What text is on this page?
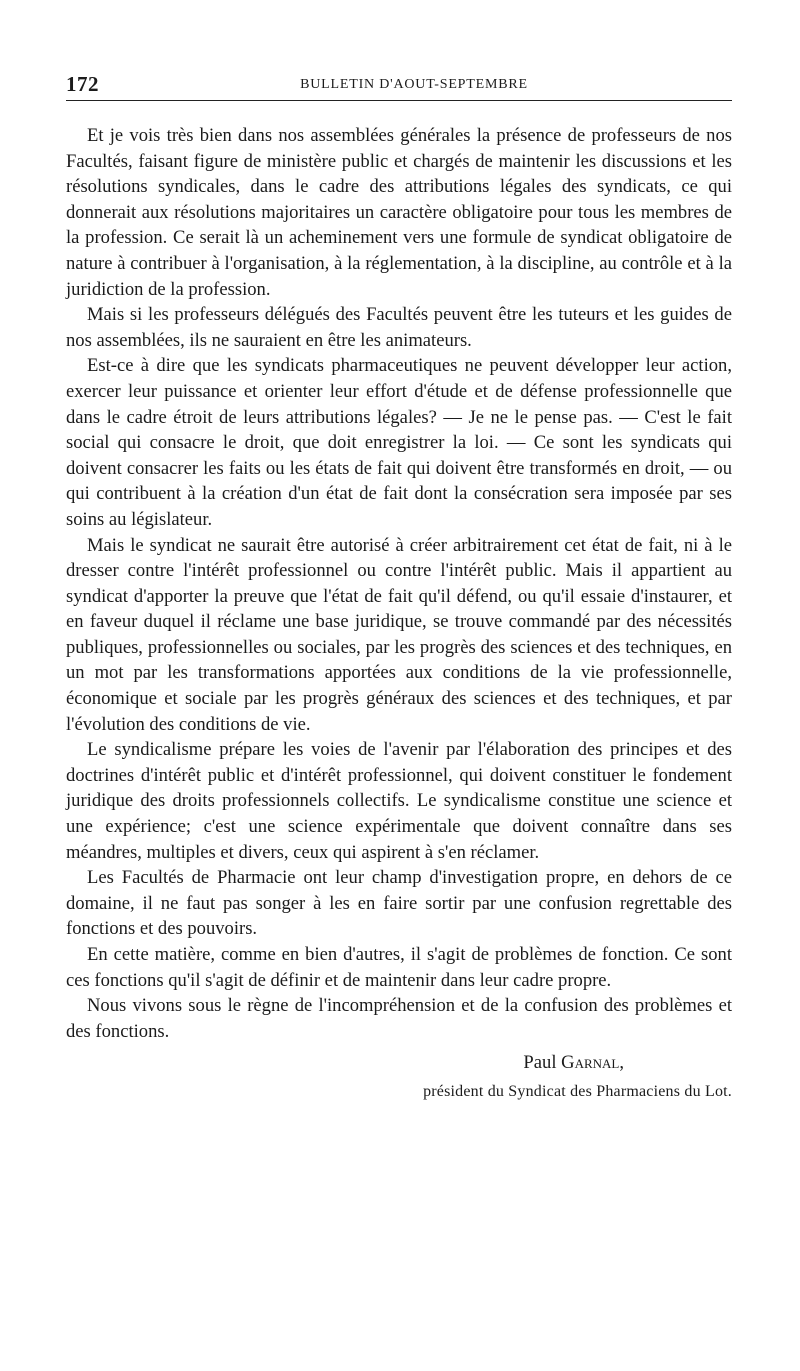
172	BULLETIN D'AOUT-SEPTEMBRE

Et je vois très bien dans nos assemblées générales la présence de professeurs de nos Facultés, faisant figure de ministère public et chargés de maintenir les discussions et les résolutions syndicales, dans le cadre des attributions légales des syndicats, ce qui donnerait aux résolutions majoritaires un caractère obligatoire pour tous les membres de la profession. Ce serait là un acheminement vers une formule de syndicat obligatoire de nature à contribuer à l'organisation, à la réglementation, à la discipline, au contrôle et à la juridiction de la profession.

Mais si les professeurs délégués des Facultés peuvent être les tuteurs et les guides de nos assemblées, ils ne sauraient en être les animateurs.

Est-ce à dire que les syndicats pharmaceutiques ne peuvent développer leur action, exercer leur puissance et orienter leur effort d'étude et de défense professionnelle que dans le cadre étroit de leurs attributions légales? — Je ne le pense pas. — C'est le fait social qui consacre le droit, que doit enregistrer la loi. — Ce sont les syndicats qui doivent consacrer les faits ou les états de fait qui doivent être transformés en droit, — ou qui contribuent à la création d'un état de fait dont la consécration sera imposée par ses soins au législateur.

Mais le syndicat ne saurait être autorisé à créer arbitrairement cet état de fait, ni à le dresser contre l'intérêt professionnel ou contre l'intérêt public. Mais il appartient au syndicat d'apporter la preuve que l'état de fait qu'il défend, ou qu'il essaie d'instaurer, et en faveur duquel il réclame une base juridique, se trouve commandé par des nécessités publiques, professionnelles ou sociales, par les progrès des sciences et des techniques, en un mot par les transformations apportées aux conditions de la vie professionnelle, économique et sociale par les progrès généraux des sciences et des techniques, et par l'évolution des conditions de vie.

Le syndicalisme prépare les voies de l'avenir par l'élaboration des principes et des doctrines d'intérêt public et d'intérêt professionnel, qui doivent constituer le fondement juridique des droits professionnels collectifs. Le syndicalisme constitue une science et une expérience; c'est une science expérimentale que doivent connaître dans ses méandres, multiples et divers, ceux qui aspirent à s'en réclamer.

Les Facultés de Pharmacie ont leur champ d'investigation propre, en dehors de ce domaine, il ne faut pas songer à les en faire sortir par une confusion regrettable des fonctions et des pouvoirs.

En cette matière, comme en bien d'autres, il s'agit de problèmes de fonction. Ce sont ces fonctions qu'il s'agit de définir et de maintenir dans leur cadre propre.

Nous vivons sous le règne de l'incompréhension et de la confusion des problèmes et des fonctions.

Paul Garnal,
président du Syndicat des Pharmaciens du Lot.
